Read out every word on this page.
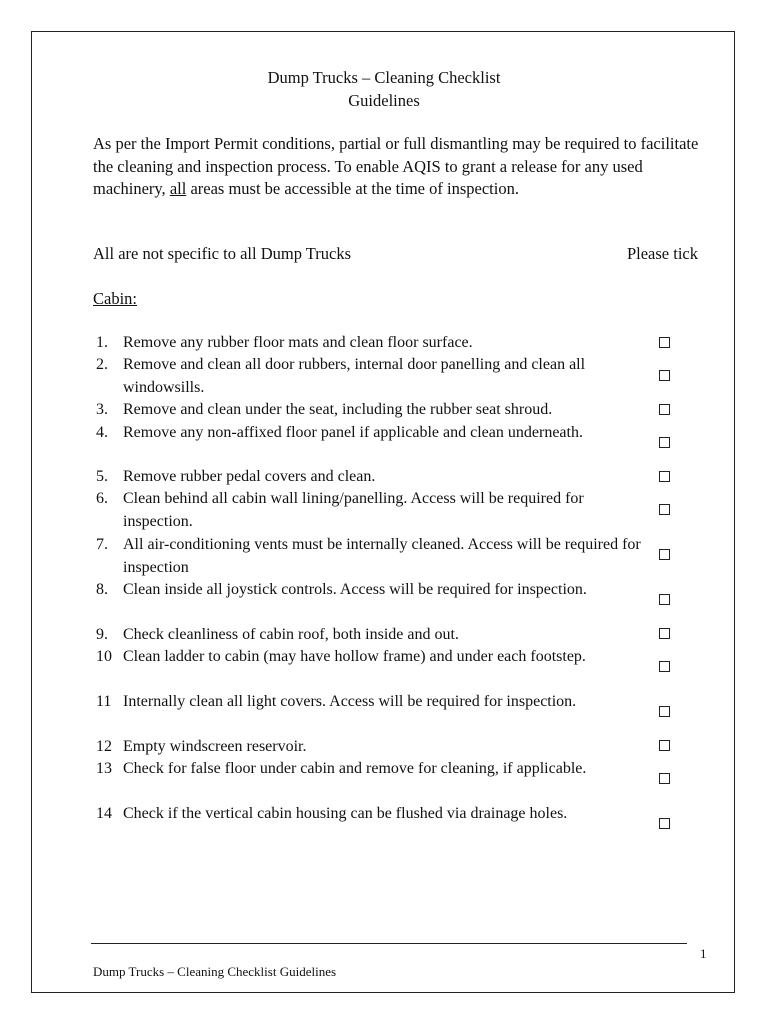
Dump Trucks – Cleaning Checklist
Guidelines
As per the Import Permit conditions, partial or full dismantling may be required to facilitate the cleaning and inspection process. To enable AQIS to grant a release for any used machinery, all areas must be accessible at the time of inspection.
All are not specific to all Dump Trucks	Please tick
Cabin:
1. Remove any rubber floor mats and clean floor surface.
2. Remove and clean all door rubbers, internal door panelling and clean all windowsills.
3. Remove and clean under the seat, including the rubber seat shroud.
4. Remove any non-affixed floor panel if applicable and clean underneath.
5. Remove rubber pedal covers and clean.
6. Clean behind all cabin wall lining/panelling. Access will be required for inspection.
7. All air-conditioning vents must be internally cleaned. Access will be required for inspection
8. Clean inside all joystick controls. Access will be required for inspection.
9. Check cleanliness of cabin roof, both inside and out.
10 Clean ladder to cabin (may have hollow frame) and under each footstep.
11 Internally clean all light covers. Access will be required for inspection.
12 Empty windscreen reservoir.
13 Check for false floor under cabin and remove for cleaning, if applicable.
14 Check if the vertical cabin housing can be flushed via drainage holes.
1
Dump Trucks – Cleaning Checklist Guidelines
